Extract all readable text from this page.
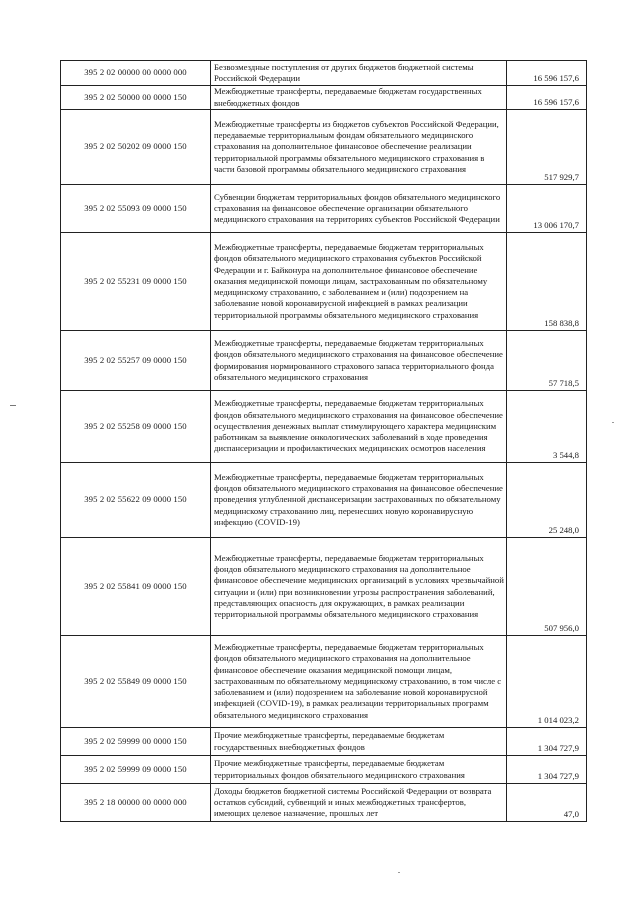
395 2 02 00000 00 0000 000	Безвозмездные поступления от других бюджетов бюджетной системы Российской Федерации	16 596 157,6
395 2 02 50000 00 0000 150	Межбюджетные трансферты, передаваемые бюджетам государственных внебюджетных фондов	16 596 157,6
395 2 02 50202 09 0000 150	Межбюджетные трансферты из бюджетов субъектов Российской Федерации, передаваемые территориальным фондам обязательного медицинского страхования на дополнительное финансовое обеспечение реализации территориальной программы обязательного медицинского страхования в части базовой программы обязательного медицинского страхования	517 929,7
395 2 02 55093 09 0000 150	Субвенции бюджетам территориальных фондов обязательного медицинского страхования на финансовое обеспечение организации обязательного медицинского страхования на территориях субъектов Российской Федерации	13 006 170,7
395 2 02 55231 09 0000 150	Межбюджетные трансферты, передаваемые бюджетам территориальных фондов обязательного медицинского страхования субъектов Российской Федерации и г. Байконура на дополнительное финансовое обеспечение оказания медицинской помощи лицам, застрахованным по обязательному медицинскому страхованию, с заболеванием и (или) подозрением на заболевание новой коронавирусной инфекцией в рамках реализации территориальной программы обязательного медицинского страхования	158 838,8
395 2 02 55257 09 0000 150	Межбюджетные трансферты, передаваемые бюджетам территориальных фондов обязательного медицинского страхования на финансовое обеспечение формирования нормированного страхового запаса территориального фонда обязательного медицинского страхования	57 718,5
395 2 02 55258 09 0000 150	Межбюджетные трансферты, передаваемые бюджетам территориальных фондов обязательного медицинского страхования на финансовое обеспечение осуществления денежных выплат стимулирующего характера медицинским работникам за выявление онкологических заболеваний в ходе проведения диспансеризации и профилактических медицинских осмотров населения	3 544,8
395 2 02 55622 09 0000 150	Межбюджетные трансферты, передаваемые бюджетам территориальных фондов обязательного медицинского страхования на финансовое обеспечение проведения углубленной диспансеризации застрахованных по обязательному медицинскому страхованию лиц, перенесших новую коронавирусную инфекцию (COVID-19)	25 248,0
395 2 02 55841 09 0000 150	Межбюджетные трансферты, передаваемые бюджетам территориальных фондов обязательного медицинского страхования на дополнительное финансовое обеспечение медицинских организаций в условиях чрезвычайной ситуации и (или) при возникновении угрозы распространения заболеваний, представляющих опасность для окружающих, в рамках реализации территориальной программы обязательного медицинского страхования	507 956,0
395 2 02 55849 09 0000 150	Межбюджетные трансферты, передаваемые бюджетам территориальных фондов обязательного медицинского страхования на дополнительное финансовое обеспечение оказания медицинской помощи лицам, застрахованным по обязательному медицинскому страхованию, в том числе с заболеванием и (или) подозрением на заболевание новой коронавирусной инфекцией (COVID-19), в рамках реализации территориальных программ обязательного медицинского страхования	1 014 023,2
395 2 02 59999 00 0000 150	Прочие межбюджетные трансферты, передаваемые бюджетам государственных внебюджетных фондов	1 304 727,9
395 2 02 59999 09 0000 150	Прочие межбюджетные трансферты, передаваемые бюджетам территориальных фондов обязательного медицинского страхования	1 304 727,9
395 2 18 00000 00 0000 000	Доходы бюджетов бюджетной системы Российской Федерации от возврата остатков субсидий, субвенций и иных межбюджетных трансфертов, имеющих целевое назначение, прошлых лет	47,0
